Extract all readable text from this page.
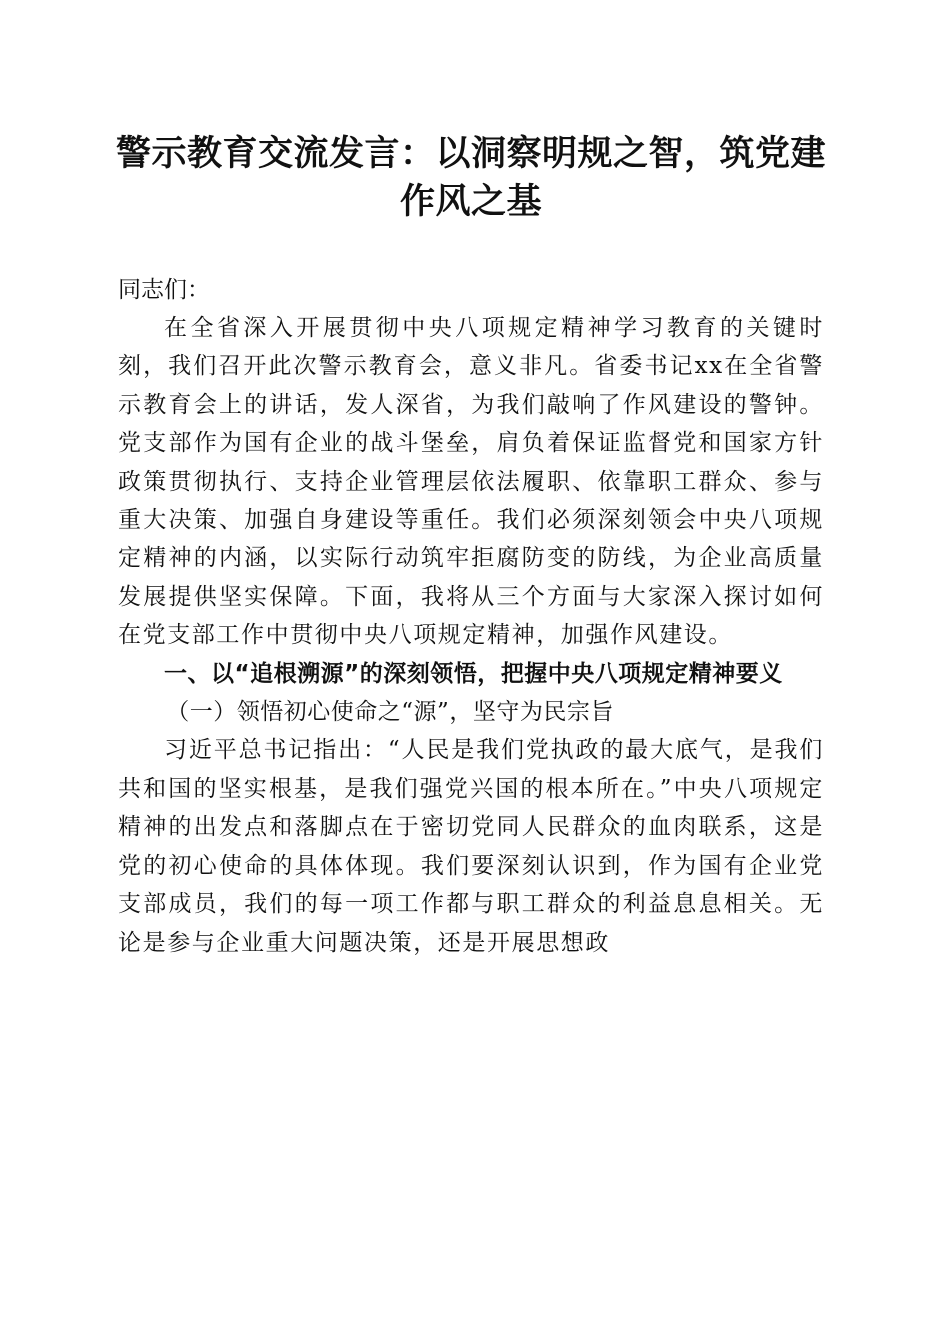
警示教育交流发言：以洞察明规之智，筑党建作风之基
同志们：

在全省深入开展贯彻中央八项规定精神学习教育的关键时刻，我们召开此次警示教育会，意义非凡。省委书记xx在全省警示教育会上的讲话，发人深省，为我们敲响了作风建设的警钟。党支部作为国有企业的战斗堡垒，肩负着保证监督党和国家方针政策贯彻执行、支持企业管理层依法履职、依靠职工群众、参与重大决策、加强自身建设等重任。我们必须深刻领会中央八项规定精神的内涵，以实际行动筑牢拒腐防变的防线，为企业高质量发展提供坚实保障。下面，我将从三个方面与大家深入探讨如何在党支部工作中贯彻中央八项规定精神，加强作风建设。

一、以“追根溯源”的深刻领悟，把握中央八项规定精神要义

（一）领悟初心使命之“源”，坚守为民宗旨

习近平总书记指出：“人民是我们党执政的最大底气，是我们共和国的坚实根基，是我们强党兴国的根本所在。”中央八项规定精神的出发点和落脚点在于密切党同人民群众的血肉联系，这是党的初心使命的具体体现。我们要深刻认识到，作为国有企业党支部成员，我们的每一项工作都与职工群众的利益息息相关。无论是参与企业重大问题决策，还是开展思想政
